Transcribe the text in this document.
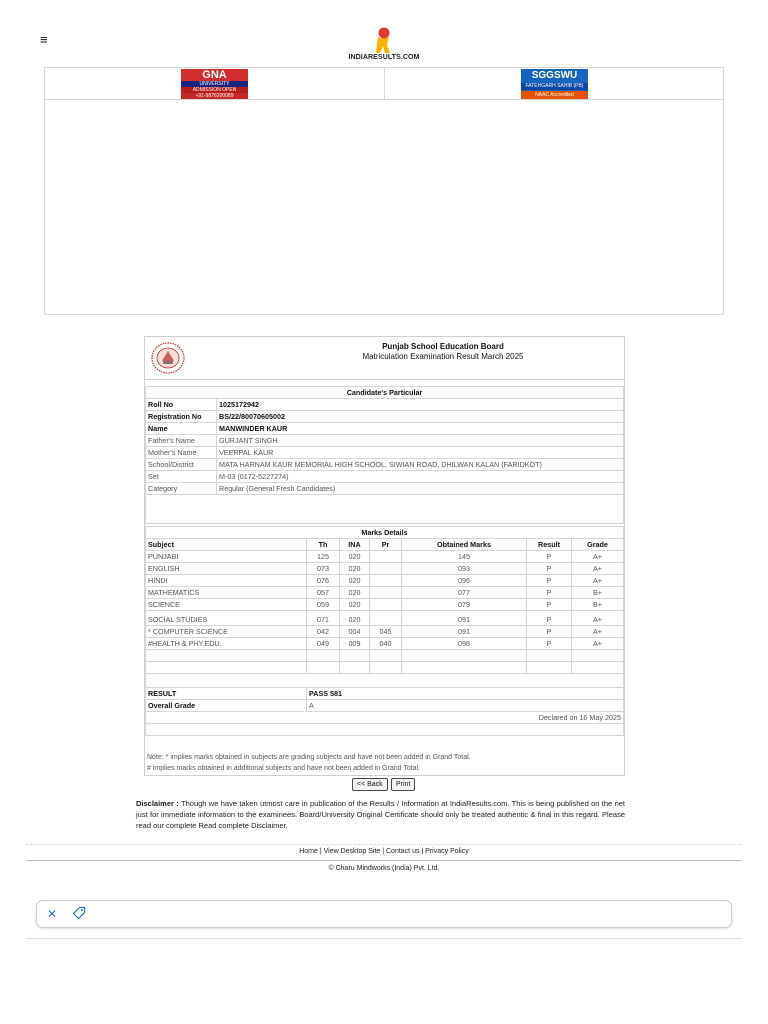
≡
INDIARESULTS.COM
GNA
UNIVERSITY
ADMISSION OPEN
+91-9876200089
SGGSWU
FATEHGARH SAHIB (PB)
NAAC Accredited
Punjab School Education Board
Matriculation Examination Result March 2025
Candidate's Particular	
Roll No	1025172942
Registration No	BS/22/80070605002
Name	MANWINDER KAUR
Father's Name	GURJANT SINGH
Mother's Name	VEERPAL KAUR
School/District	MATA HARNAM KAUR MEMORIAL HIGH SCHOOL, SIWIAN ROAD, DHILWAN KALAN (FARIDKOT)
Set	M-03 (0172-5227274)
Category	Regular (General Fresh Candidates)

Marks Details						
Subject	Th	INA	Pr	Obtained Marks	Result	Grade
PUNJABI	125	020		145	P	A+
ENGLISH	073	020		093	P	A+
HINDI	076	020		096	P	A+
MATHEMATICS	057	020		077	P	B+
SCIENCE	059	020		079	P	B+
SOCIAL STUDIES	071	020		091	P	A+
* COMPUTER SCIENCE	042	004	045	091	P	A+
#HEALTH & PHY.EDU.	049	009	040	098	P	A+

RESULT	PASS 581					
Overall Grade	A					
Declared on 16 May 2025						

Note: * implies marks obtained in subjects are grading subjects and have not been added in Grand Total.
# implies marks obtained in additional subjects and have not been added in Grand Total.
<< Back	Print
Disclaimer : Though we have taken utmost care in publication of the Results / Information at IndiaResults.com. This is being published on the net just for immediate information to the examinees. Board/University Original Certificate should only be treated authentic & final in this regard. Please read our complete Read complete Disclaimer.
Home | View Desktop Site | Contact us | Privacy Policy
© Charu Mindworks (India) Pvt. Ltd.
✕
